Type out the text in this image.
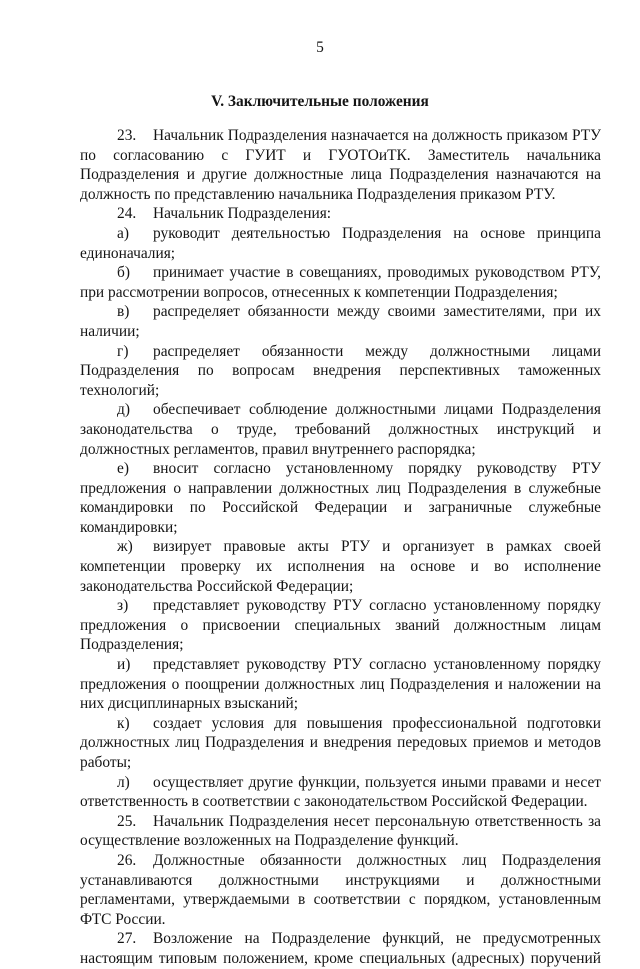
5
V. Заключительные положения
23. Начальник Подразделения назначается на должность приказом РТУ по согласованию с ГУИТ и ГУОТОиТК. Заместитель начальника Подразделения и другие должностные лица Подразделения назначаются на должность по представлению начальника Подразделения приказом РТУ.
24. Начальник Подразделения:
а) руководит деятельностью Подразделения на основе принципа единоначалия;
б) принимает участие в совещаниях, проводимых руководством РТУ, при рассмотрении вопросов, отнесенных к компетенции Подразделения;
в) распределяет обязанности между своими заместителями, при их наличии;
г) распределяет обязанности между должностными лицами Подразделения по вопросам внедрения перспективных таможенных технологий;
д) обеспечивает соблюдение должностными лицами Подразделения законодательства о труде, требований должностных инструкций и должностных регламентов, правил внутреннего распорядка;
е) вносит согласно установленному порядку руководству РТУ предложения о направлении должностных лиц Подразделения в служебные командировки по Российской Федерации и заграничные служебные командировки;
ж) визирует правовые акты РТУ и организует в рамках своей компетенции проверку их исполнения на основе и во исполнение законодательства Российской Федерации;
з) представляет руководству РТУ согласно установленному порядку предложения о присвоении специальных званий должностным лицам Подразделения;
и) представляет руководству РТУ согласно установленному порядку предложения о поощрении должностных лиц Подразделения и наложении на них дисциплинарных взысканий;
к) создает условия для повышения профессиональной подготовки должностных лиц Подразделения и внедрения передовых приемов и методов работы;
л) осуществляет другие функции, пользуется иными правами и несет ответственность в соответствии с законодательством Российской Федерации.
25. Начальник Подразделения несет персональную ответственность за осуществление возложенных на Подразделение функций.
26. Должностные обязанности должностных лиц Подразделения устанавливаются должностными инструкциями и должностными регламентами, утверждаемыми в соответствии с порядком, установленным ФТС России.
27. Возложение на Подразделение функций, не предусмотренных настоящим типовым положением, кроме специальных (адресных) поручений
